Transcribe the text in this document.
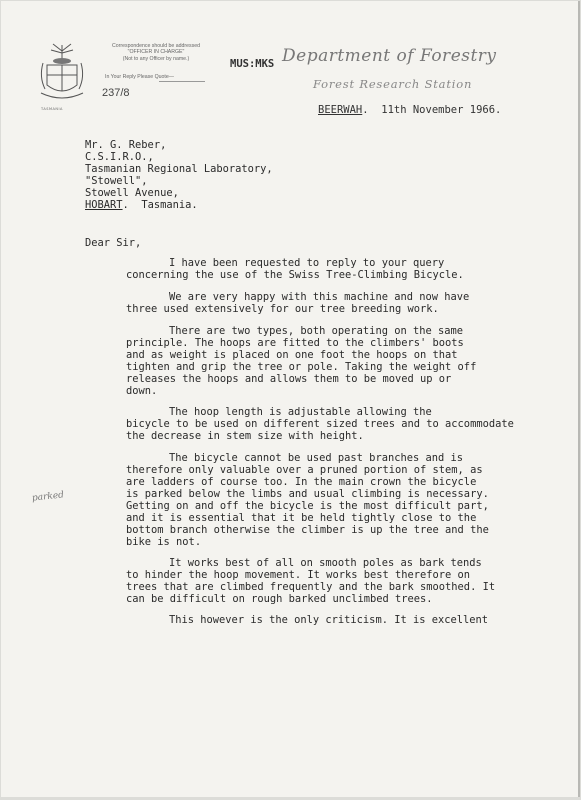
TASMANIA
Correspondence should be addressed
"OFFICER IN CHARGE"
(Not to any Officer by name.)
In Your Reply Please Quote—
237/8
MUS:MKS Department of Forestry
Forest Research Station
BEERWAH. 11th November 1966.
Mr. G. Reber,
C.S.I.R.O.,
Tasmanian Regional Laboratory,
"Stowell",
Stowell Avenue,
HOBART. Tasmania.
Dear Sir,
I have been requested to reply to your query
concerning the use of the Swiss Tree-Climbing Bicycle.
We are very happy with this machine and now have
three used extensively for our tree breeding work.
There are two types, both operating on the same
principle. The hoops are fitted to the climbers' boots
and as weight is placed on one foot the hoops on that
tighten and grip the tree or pole. Taking the weight off
releases the hoops and allows them to be moved up or
down.
The hoop length is adjustable allowing the
bicycle to be used on different sized trees and to accommodate
the decrease in stem size with height.
The bicycle cannot be used past branches and is
therefore only valuable over a pruned portion of stem, as
are ladders of course too. In the main crown the bicycle
is parked below the limbs and usual climbing is necessary.
Getting on and off the bicycle is the most difficult part,
and it is essential that it be held tightly close to the
bottom branch otherwise the climber is up the tree and the
bike is not.
parked
It works best of all on smooth poles as bark tends
to hinder the hoop movement. It works best therefore on
trees that are climbed frequently and the bark smoothed. It
can be difficult on rough barked unclimbed trees.
This however is the only criticism. It is excellent
